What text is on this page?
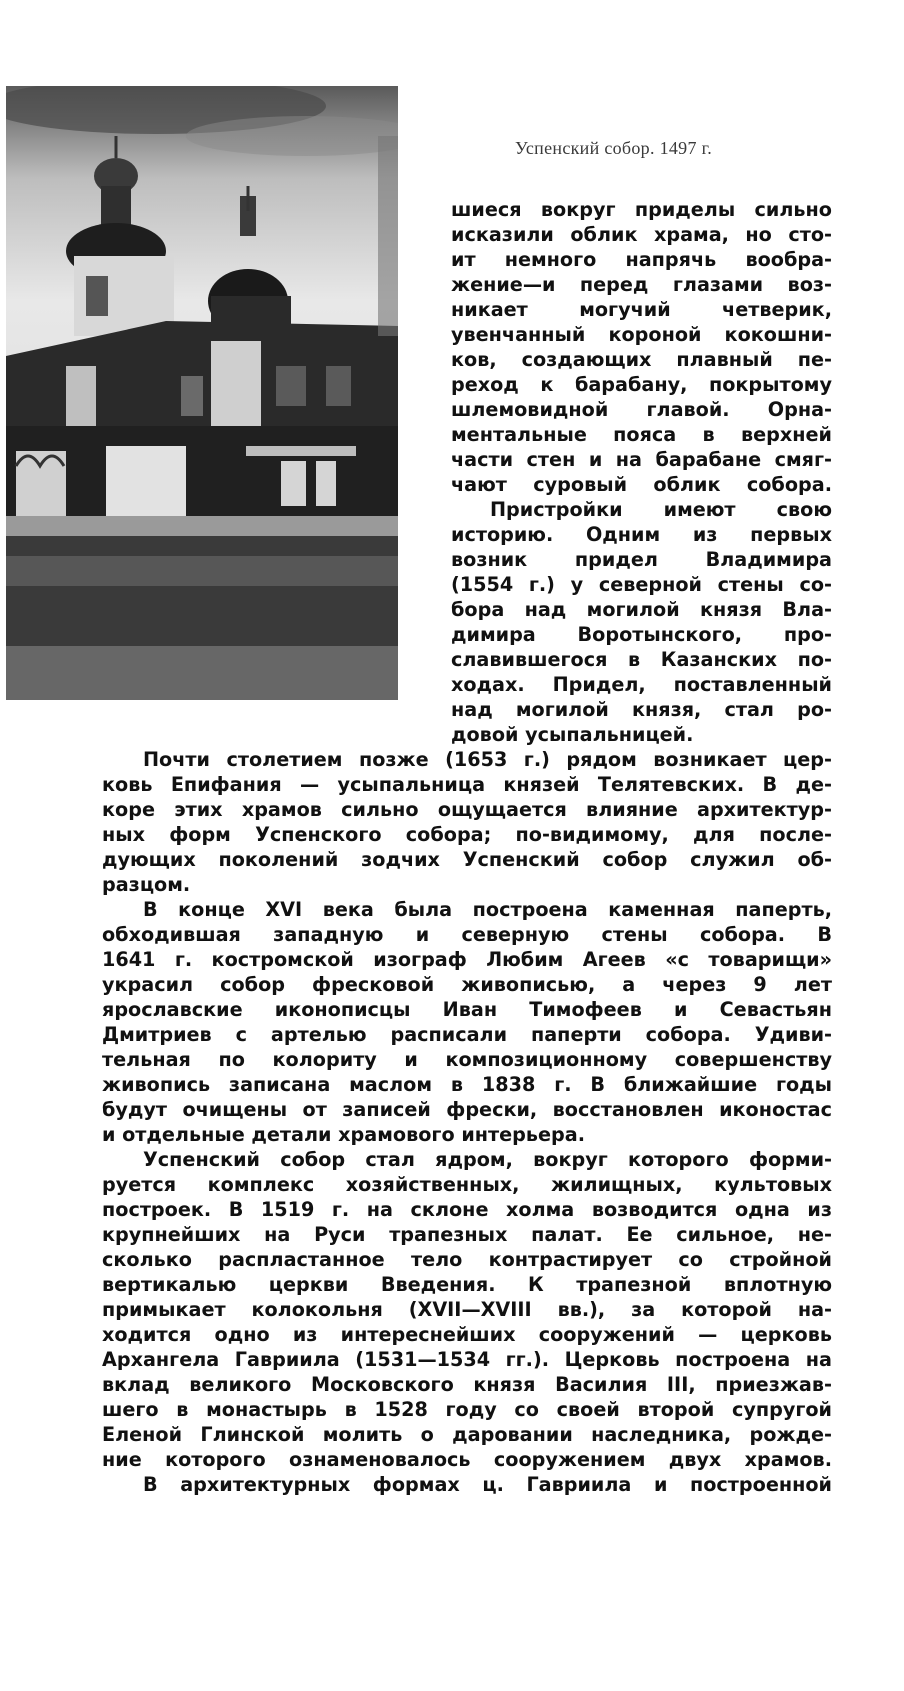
Успенский собор. 1497 г.
шиеся вокруг приделы сильно
исказили облик храма, но сто-
ит немного напрячь вообра-
жение—и перед глазами воз-
никает могучий четверик,
увенчанный короной кокошни-
ков, создающих плавный пе-
реход к барабану, покрытому
шлемовидной главой. Орна-
ментальные пояса в верхней
части стен и на барабане смяг-
чают суровый облик собора.
Пристройки имеют свою
историю. Одним из первых
возник придел Владимира
(1554 г.) у северной стены со-
бора над могилой князя Вла-
димира Воротынского, про-
славившегося в Казанских по-
ходах. Придел, поставленный
над могилой князя, стал ро-
довой усыпальницей.
Почти столетием позже (1653 г.) рядом возникает цер-
ковь Епифания — усыпальница князей Телятевских. В де-
коре этих храмов сильно ощущается влияние архитектур-
ных форм Успенского собора; по-видимому, для после-
дующих поколений зодчих Успенский собор служил об-
разцом.
В конце XVI века была построена каменная паперть,
обходившая западную и северную стены собора. В
1641 г. костромской изограф Любим Агеев «с товарищи»
украсил собор фресковой живописью, а через 9 лет
ярославские иконописцы Иван Тимофеев и Севастьян
Дмитриев с артелью расписали паперти собора. Удиви-
тельная по колориту и композиционному совершенству
живопись записана маслом в 1838 г. В ближайшие годы
будут очищены от записей фрески, восстановлен иконостас
и отдельные детали храмового интерьера.
Успенский собор стал ядром, вокруг которого форми-
руется комплекс хозяйственных, жилищных, культовых
построек. В 1519 г. на склоне холма возводится одна из
крупнейших на Руси трапезных палат. Ее сильное, не-
сколько распластанное тело контрастирует со стройной
вертикалью церкви Введения. К трапезной вплотную
примыкает колокольня (XVII—XVIII вв.), за которой на-
ходится одно из интереснейших сооружений — церковь
Архангела Гавриила (1531—1534 гг.). Церковь построена на
вклад великого Московского князя Василия III, приезжав-
шего в монастырь в 1528 году со своей второй супругой
Еленой Глинской молить о даровании наследника, рожде-
ние которого ознаменовалось сооружением двух храмов.
В архитектурных формах ц. Гавриила и построенной
